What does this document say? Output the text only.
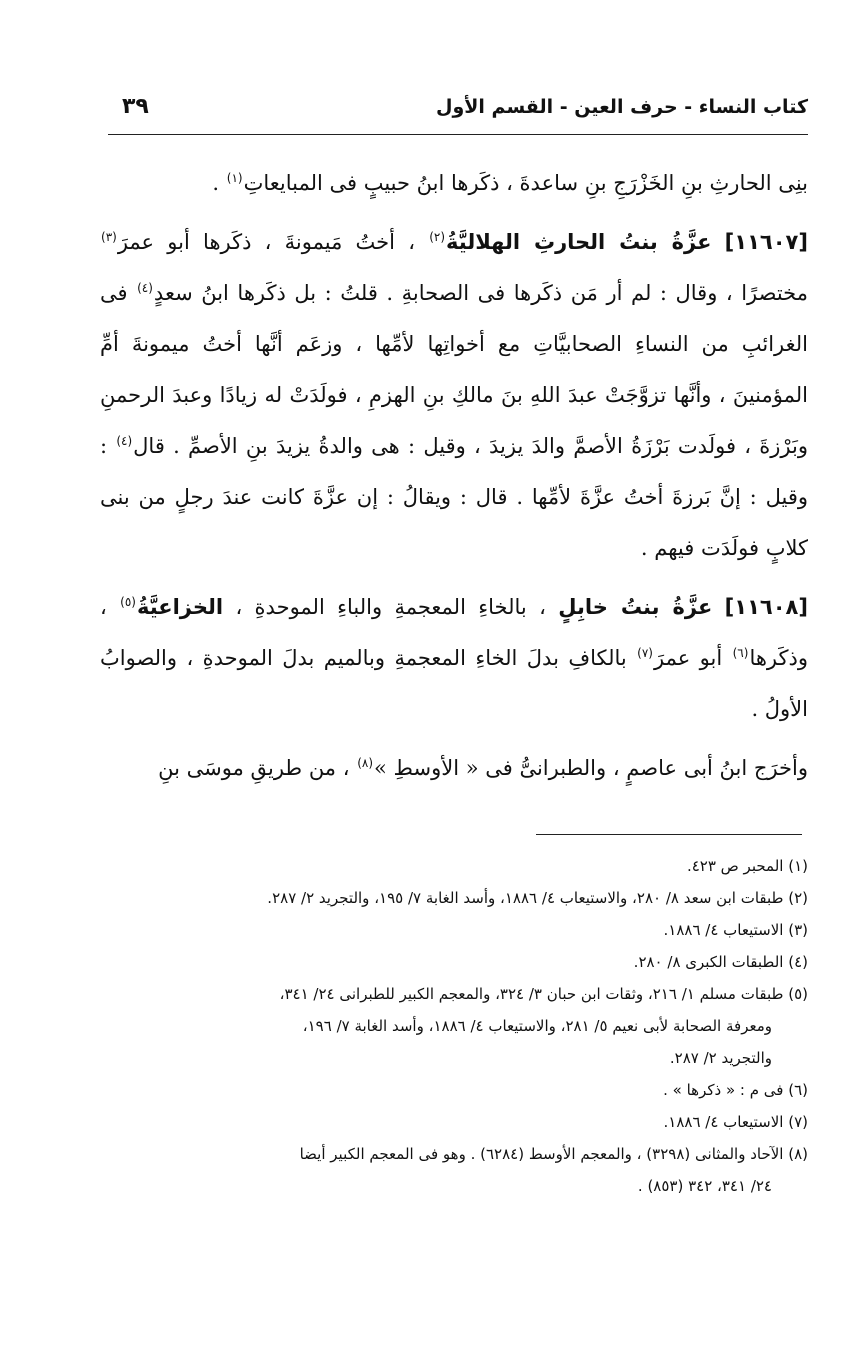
كتاب النساء - حرف العين - القسم الأول
٣٩

بنِى الحارثِ بنِ الخَزْرَجِ بنِ ساعدةَ ، ذكَرها ابنُ حبيبٍ فى المبايعاتِ$^{(١)}$ .

[١١٦٠٧] عزَّةُ بنتُ الحارثِ الهلاليَّةُ$^{(٢)}$ ، أختُ مَيمونةَ ، ذكَرها أبو عمرَ$^{(٣)}$ مختصرًا ، وقال : لم أر مَن ذكَرها فى الصحابةِ . قلتُ : بل ذكَرها ابنُ سعدٍ$^{(٤)}$ فى الغرائبِ من النساءِ الصحابيَّاتِ مع أخواتِها لأمِّها ، وزعَم أنَّها أختُ ميمونةَ أمِّ المؤمنينَ ، وأنَّها تزوَّجَتْ عبدَ اللهِ بنَ مالكِ بنِ الهزمِ ، فولَدَتْ له زيادًا وعبدَ الرحمنِ وبَرْزةَ ، فولَدت بَرْزَةُ الأصمَّ والدَ يزيدَ ، وقيل : هى والدةُ يزيدَ بنِ الأصمِّ . قال$^{(٤)}$ : وقيل : إنَّ بَرزةَ أختُ عزَّةَ لأمِّها . قال : ويقالُ : إن عزَّةَ كانت عندَ رجلٍ من بنى كلابٍ فولَدَت فيهم .

[١١٦٠٨] عزَّةُ بنتُ خابِلٍ ، بالخاءِ المعجمةِ والباءِ الموحدةِ ، الخزاعيَّةُ$^{(٥)}$ ، وذكَرها$^{(٦)}$ أبو عمرَ$^{(٧)}$ بالكافِ بدلَ الخاءِ المعجمةِ وبالميم بدلَ الموحدةِ ، والصوابُ الأولُ .

وأخرَج ابنُ أبى عاصمٍ ، والطبرانىُّ فى « الأوسطِ »$^{(٨)}$ ، من طريقِ موسَى بنِ

(١) المحبر ص ٤٢٣.

(٢) طبقات ابن سعد ٨/ ٢٨٠، والاستيعاب ٤/ ١٨٨٦، وأسد الغابة ٧/ ١٩٥، والتجريد ٢/ ٢٨٧.

(٣) الاستيعاب ٤/ ١٨٨٦.

(٤) الطبقات الكبرى ٨/ ٢٨٠.

(٥) طبقات مسلم ١/ ٢١٦، وثقات ابن حبان ٣/ ٣٢٤، والمعجم الكبير للطبرانى ٢٤/ ٣٤١،

ومعرفة الصحابة لأبى نعيم ٥/ ٢٨١، والاستيعاب ٤/ ١٨٨٦، وأسد الغابة ٧/ ١٩٦،

والتجريد ٢/ ٢٨٧.

(٦) فى م : « ذكرها » .

(٧) الاستيعاب ٤/ ١٨٨٦.

(٨) الآحاد والمثانى (٣٢٩٨) ، والمعجم الأوسط (٦٢٨٤) . وهو فى المعجم الكبير أيضا

٢٤/ ٣٤١، ٣٤٢ (٨٥٣) .
